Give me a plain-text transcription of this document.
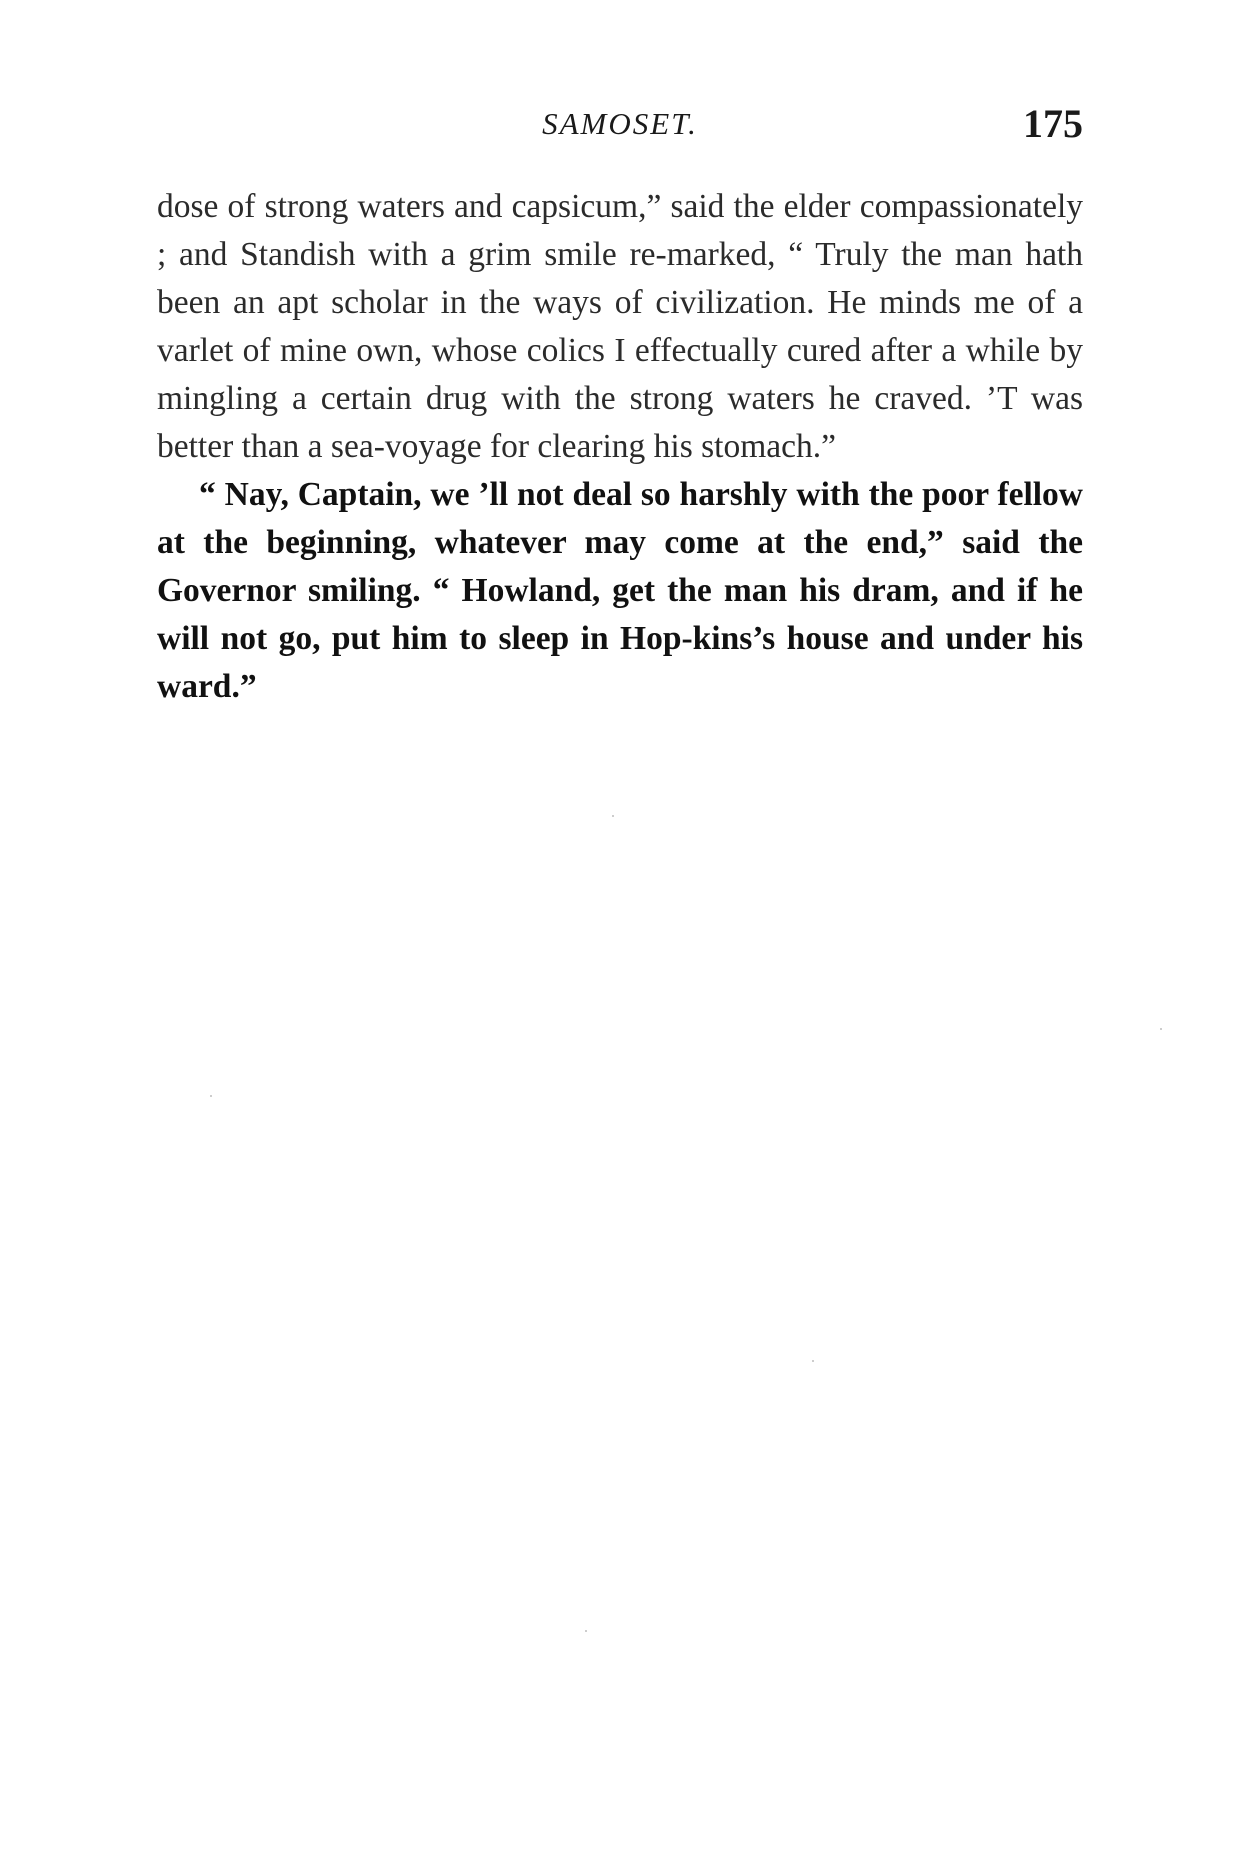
SAMOSET.	175

dose of strong waters and capsicum,” said the elder compassionately ; and Standish with a grim smile re-marked, “ Truly the man hath been an apt scholar in the ways of civilization. He minds me of a varlet of mine own, whose colics I effectually cured after a while by mingling a certain drug with the strong waters he craved. ’T was better than a sea-voyage for clearing his stomach.”

“ Nay, Captain, we ’ll not deal so harshly with the poor fellow at the beginning, whatever may come at the end,” said the Governor smiling. “ Howland, get the man his dram, and if he will not go, put him to sleep in Hop-kins’s house and under his ward.”
